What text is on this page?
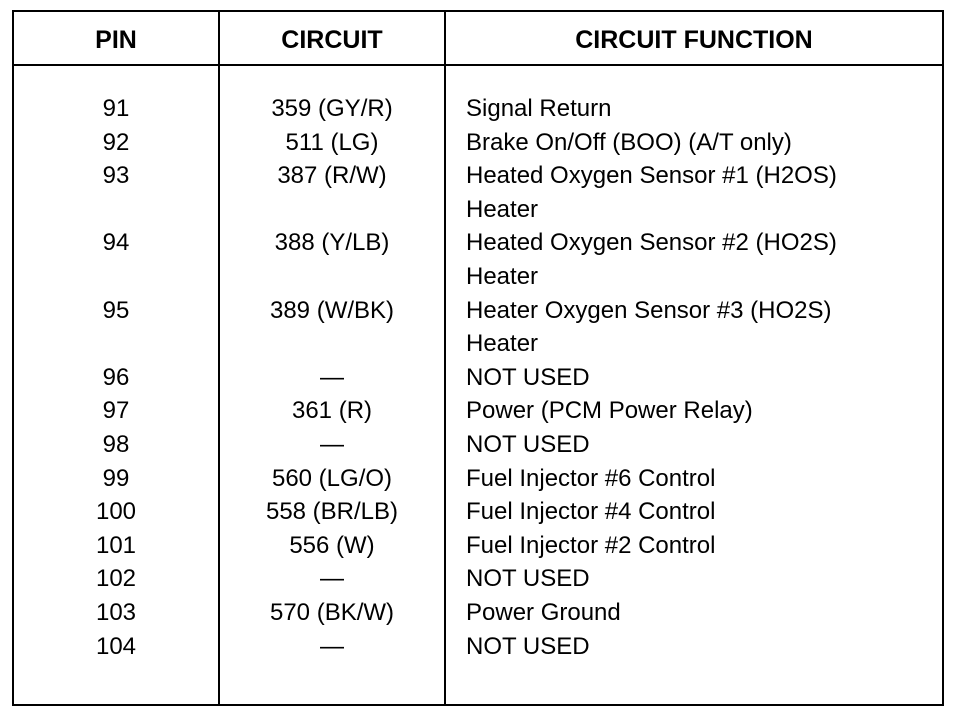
PIN	CIRCUIT	CIRCUIT FUNCTION
91	359 (GY/R)	Signal Return
92	511 (LG)	Brake On/Off (BOO) (A/T only)
93	387 (R/W)	Heated Oxygen Sensor #1 (H2OS)
Heater
94	388 (Y/LB)	Heated Oxygen Sensor #2 (HO2S)
Heater
95	389 (W/BK)	Heater Oxygen Sensor #3 (HO2S)
Heater
96	—	NOT USED
97	361 (R)	Power (PCM Power Relay)
98	—	NOT USED
99	560 (LG/O)	Fuel Injector #6 Control
100	558 (BR/LB)	Fuel Injector #4 Control
101	556 (W)	Fuel Injector #2 Control
102	—	NOT USED
103	570 (BK/W)	Power Ground
104	—	NOT USED
